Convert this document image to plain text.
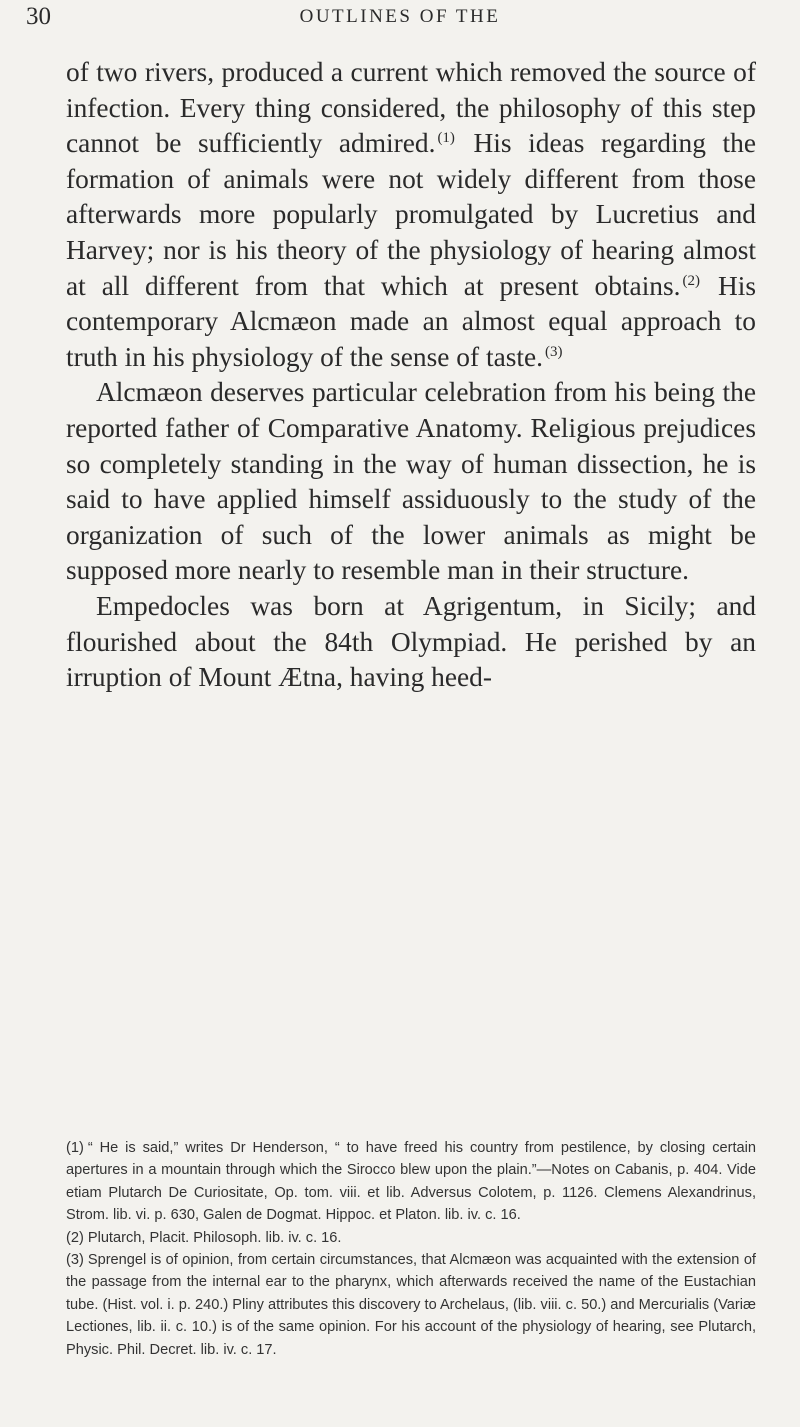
30	OUTLINES OF THE

of two rivers, produced a current which removed the source of infection. Every thing considered, the philosophy of this step cannot be sufficiently admired. $^{(1)}$ His ideas regarding the formation of animals were not widely different from those afterwards more popularly promulgated by Lucretius and Harvey; nor is his theory of the physiology of hearing almost at all different from that which at present obtains. $^{(2)}$ His contemporary Alcmæon made an almost equal approach to truth in his physiology of the sense of taste. $^{(3)}$

Alcmæon deserves particular celebration from his being the reported father of Comparative Anatomy. Religious prejudices so completely standing in the way of human dissection, he is said to have applied himself assiduously to the study of the organization of such of the lower animals as might be supposed more nearly to resemble man in their structure.

Empedocles was born at Agrigentum, in Sicily; and flourished about the 84th Olympiad. He perished by an irruption of Mount Ætna, having heed-

(1) “ He is said,” writes Dr Henderson, “ to have freed his country from pestilence, by closing certain apertures in a mountain through which the Sirocco blew upon the plain.”—Notes on Cabanis, p. 404. Vide etiam Plutarch De Curiositate, Op. tom. viii. et lib. Adversus Colotem, p. 1126. Clemens Alexandrinus, Strom. lib. vi. p. 630, Galen de Dogmat. Hippoc. et Platon. lib. iv. c. 16.

(2) Plutarch, Placit. Philosoph. lib. iv. c. 16.

(3) Sprengel is of opinion, from certain circumstances, that Alcmæon was acquainted with the extension of the passage from the internal ear to the pharynx, which afterwards received the name of the Eustachian tube. (Hist. vol. i. p. 240.) Pliny attributes this discovery to Archelaus, (lib. viii. c. 50.) and Mercurialis (Variæ Lectiones, lib. ii. c. 10.) is of the same opinion. For his account of the physiology of hearing, see Plutarch, Physic. Phil. Decret. lib. iv. c. 17.
